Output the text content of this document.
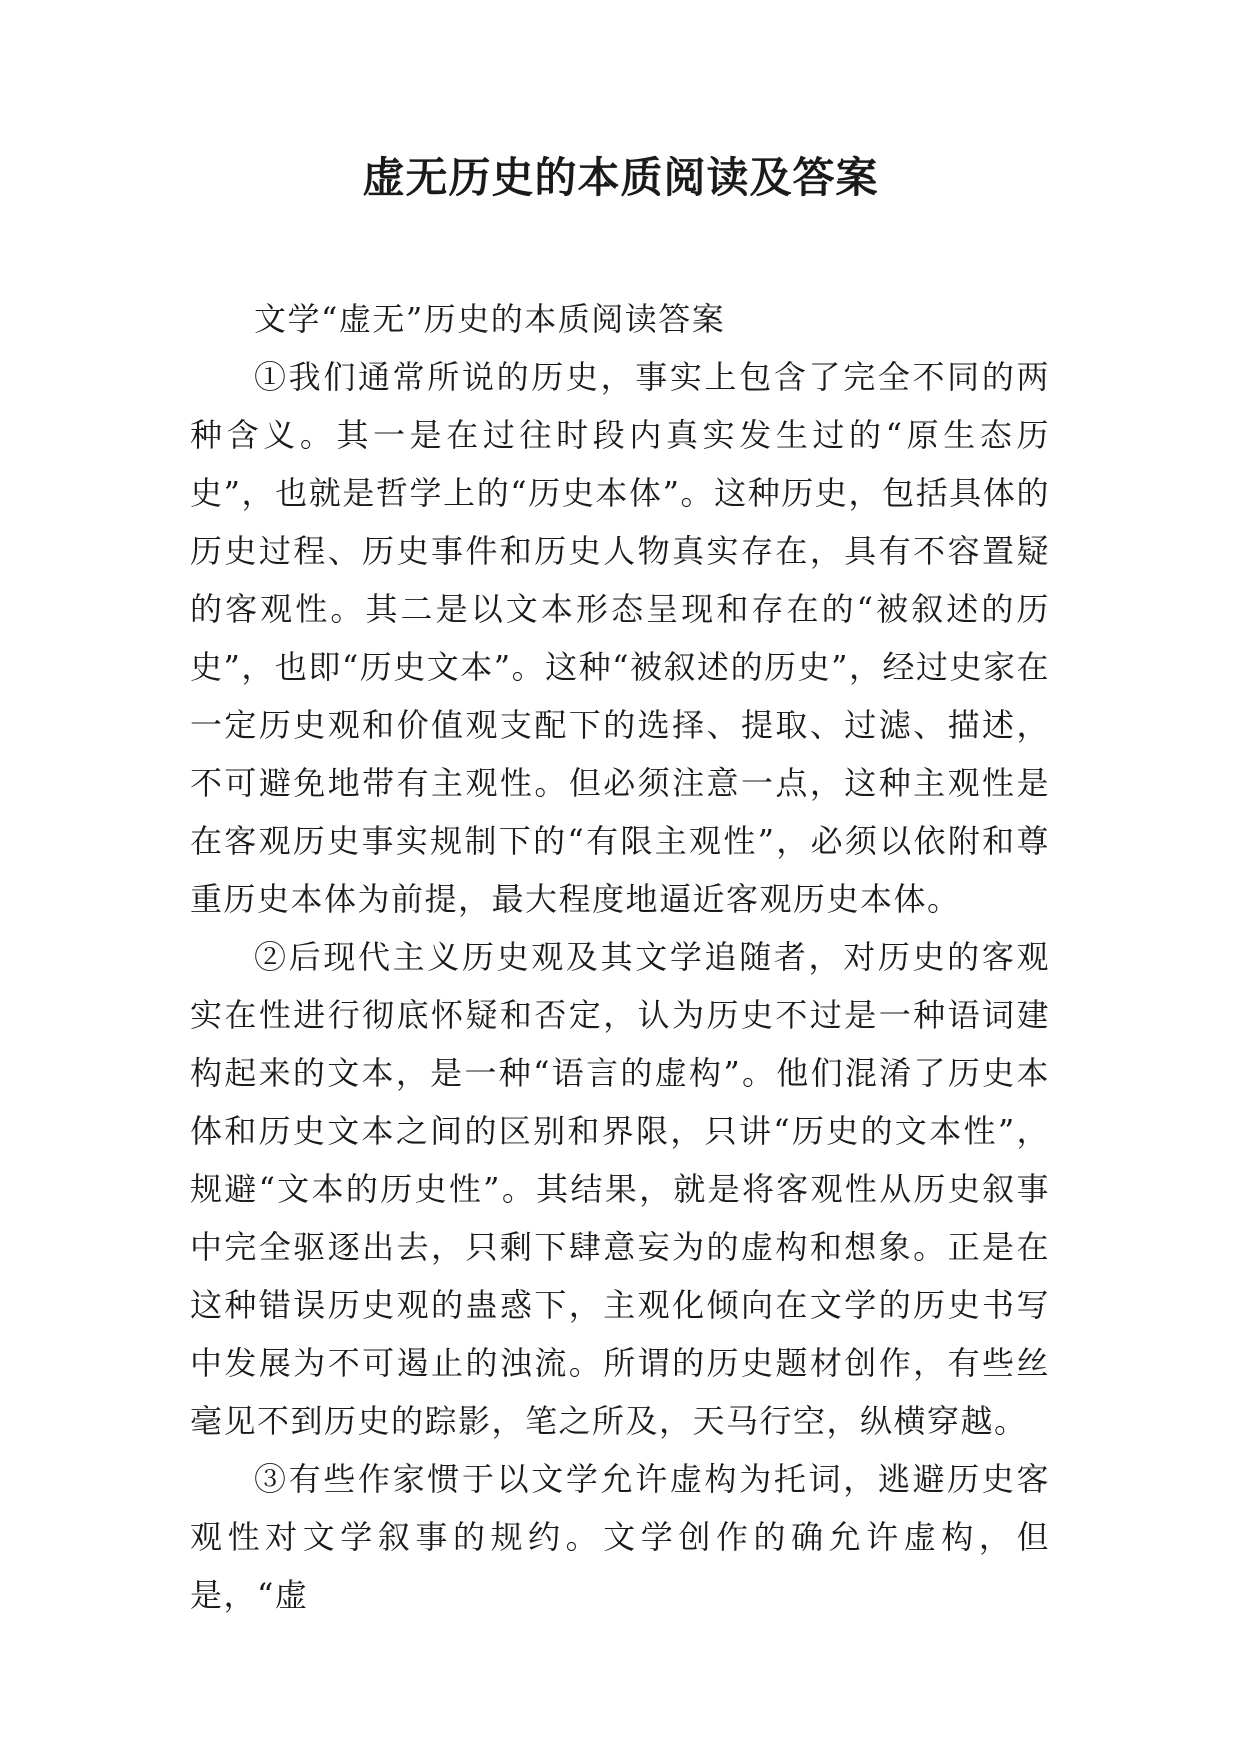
虚无历史的本质阅读及答案

文学“虚无”历史的本质阅读答案

①我们通常所说的历史，事实上包含了完全不同的两种含义。其一是在过往时段内真实发生过的“原生态历史”，也就是哲学上的“历史本体”。这种历史，包括具体的历史过程、历史事件和历史人物真实存在，具有不容置疑的客观性。其二是以文本形态呈现和存在的“被叙述的历史”，也即“历史文本”。这种“被叙述的历史”，经过史家在一定历史观和价值观支配下的选择、提取、过滤、描述，不可避免地带有主观性。但必须注意一点，这种主观性是在客观历史事实规制下的“有限主观性”，必须以依附和尊重历史本体为前提，最大程度地逼近客观历史本体。

②后现代主义历史观及其文学追随者，对历史的客观实在性进行彻底怀疑和否定，认为历史不过是一种语词建构起来的文本，是一种“语言的虚构”。他们混淆了历史本体和历史文本之间的区别和界限，只讲“历史的文本性”，规避“文本的历史性”。其结果，就是将客观性从历史叙事中完全驱逐出去，只剩下肆意妄为的虚构和想象。正是在这种错误历史观的蛊惑下，主观化倾向在文学的历史书写中发展为不可遏止的浊流。所谓的历史题材创作，有些丝毫见不到历史的踪影，笔之所及，天马行空，纵横穿越。

③有些作家惯于以文学允许虚构为托词，逃避历史客观性对文学叙事的规约。文学创作的确允许虚构，但是，“虚
